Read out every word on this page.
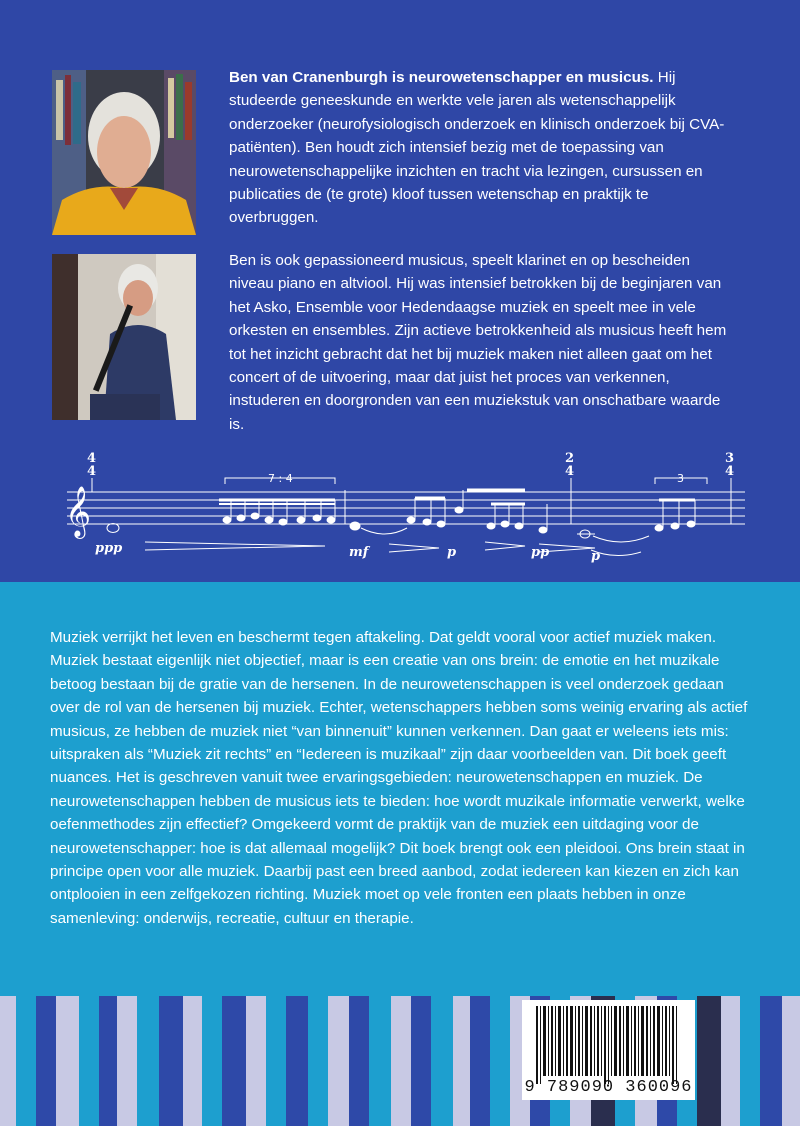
Ben van Cranenburgh is neurowetenschapper en musicus. Hij studeerde geneeskunde en werkte vele jaren als wetenschappelijk onderzoeker (neurofysiologisch onderzoek en klinisch onderzoek bij CVA-patiënten). Ben houdt zich intensief bezig met de toepassing van neurowetenschappelijke inzichten en tracht via lezingen, cursussen en publicaties de (te grote) kloof tussen wetenschap en praktijk te overbruggen.

Ben is ook gepassioneerd musicus, speelt klarinet en op bescheiden niveau piano en altviool. Hij was intensief betrokken bij de beginjaren van het Asko, Ensemble voor Hedendaagse muziek en speelt mee in vele orkesten en ensembles. Zijn actieve betrokkenheid als musicus heeft hem tot het inzicht gebracht dat het bij muziek maken niet alleen gaat om het concert of de uitvoering, maar dat juist het proces van verkennen, instuderen en doorgronden van een muziekstuk van onschatbare waarde is.

𝄞
4
4
2
4
3
4
7 : 4	3
ppp	mf	p	pp	p

Muziek verrijkt het leven en beschermt tegen aftakeling. Dat geldt vooral voor actief muziek maken. Muziek bestaat eigenlijk niet objectief, maar is een creatie van ons brein: de emotie en het muzikale betoog bestaan bij de gratie van de hersenen. In de neurowetenschappen is veel onderzoek gedaan over de rol van de hersenen bij muziek. Echter, wetenschappers hebben soms weinig ervaring als actief musicus, ze hebben de muziek niet “van binnenuit” kunnen verkennen. Dan gaat er weleens iets mis: uitspraken als “Muziek zit rechts” en “Iedereen is muzikaal” zijn daar voorbeelden van. Dit boek geeft nuances. Het is geschreven vanuit twee ervaringsgebieden: neurowetenschappen en muziek. De neurowetenschappen hebben de musicus iets te bieden: hoe wordt muzikale informatie verwerkt, welke oefenmethodes zijn effectief? Omgekeerd vormt de praktijk van de muziek een uitdaging voor de neurowetenschapper: hoe is dat allemaal mogelijk? Dit boek brengt ook een pleidooi. Ons brein staat in principe open voor alle muziek. Daarbij past een breed aanbod, zodat iedereen kan kiezen en zich kan ontplooien in een zelfgekozen richting. Muziek moet op vele fronten een plaats hebben in onze samenleving: onderwijs, recreatie, cultuur en therapie.

9 789090 360096
